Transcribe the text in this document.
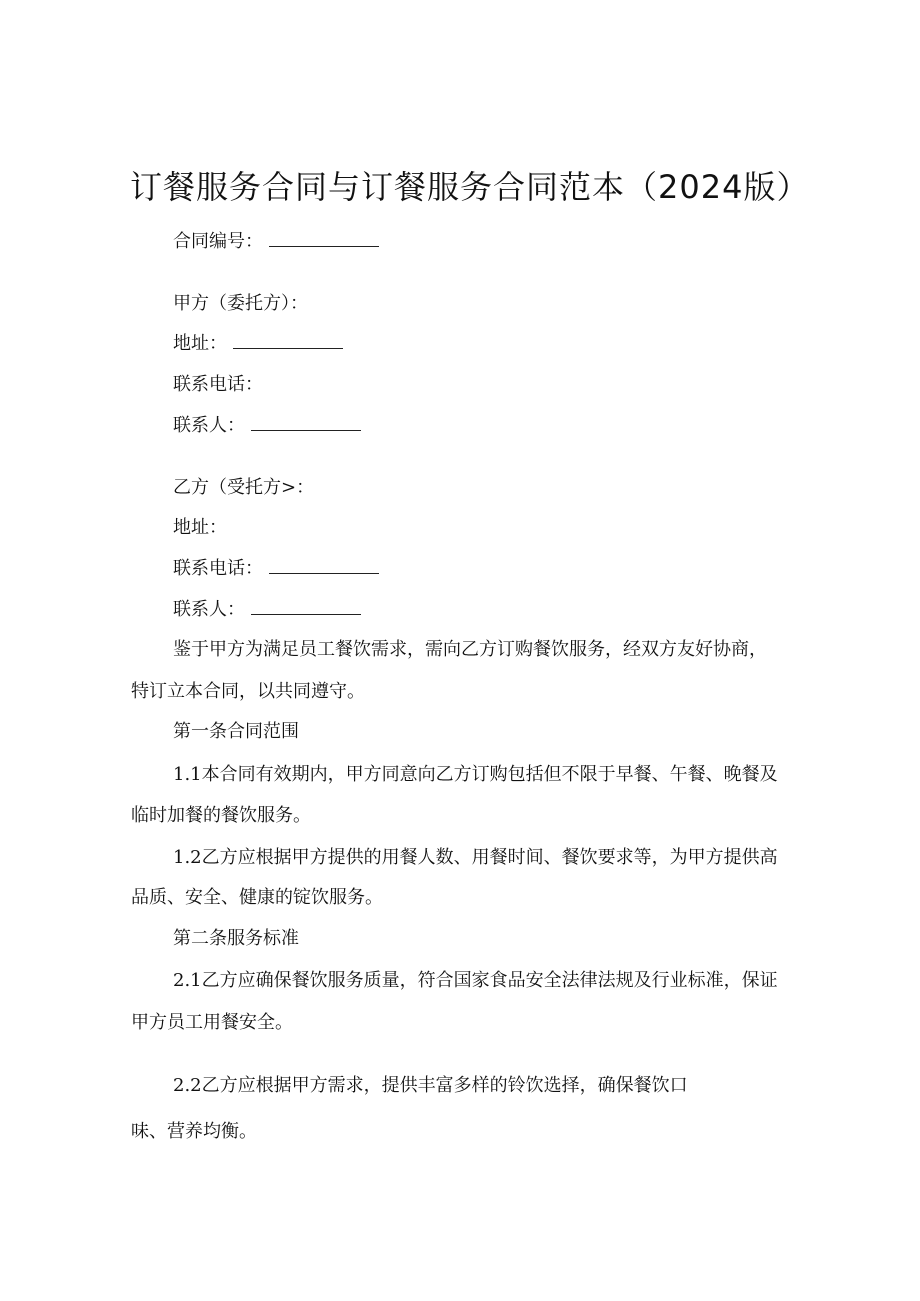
订餐服务合同与订餐服务合同范本（2024版）
合同编号：
甲方（委托方）：
地址：
联系电话：
联系人：
乙方（受托方>：
地址：
联系电话：
联系人：
鉴于甲方为满足员工餐饮需求，需向乙方订购餐饮服务，经双方友好协商，
特订立本合同，以共同遵守。
第一条合同范围
1.1本合同有效期内，甲方同意向乙方订购包括但不限于早餐、午餐、晚餐及
临时加餐的餐饮服务。
1.2乙方应根据甲方提供的用餐人数、用餐时间、餐饮要求等，为甲方提供高
品质、安全、健康的锭饮服务。
第二条服务标准
2.1乙方应确保餐饮服务质量，符合国家食品安全法律法规及行业标准，保证
甲方员工用餐安全。
2.2乙方应根据甲方需求，提供丰富多样的铃饮选择，确保餐饮口
味、营养均衡。
